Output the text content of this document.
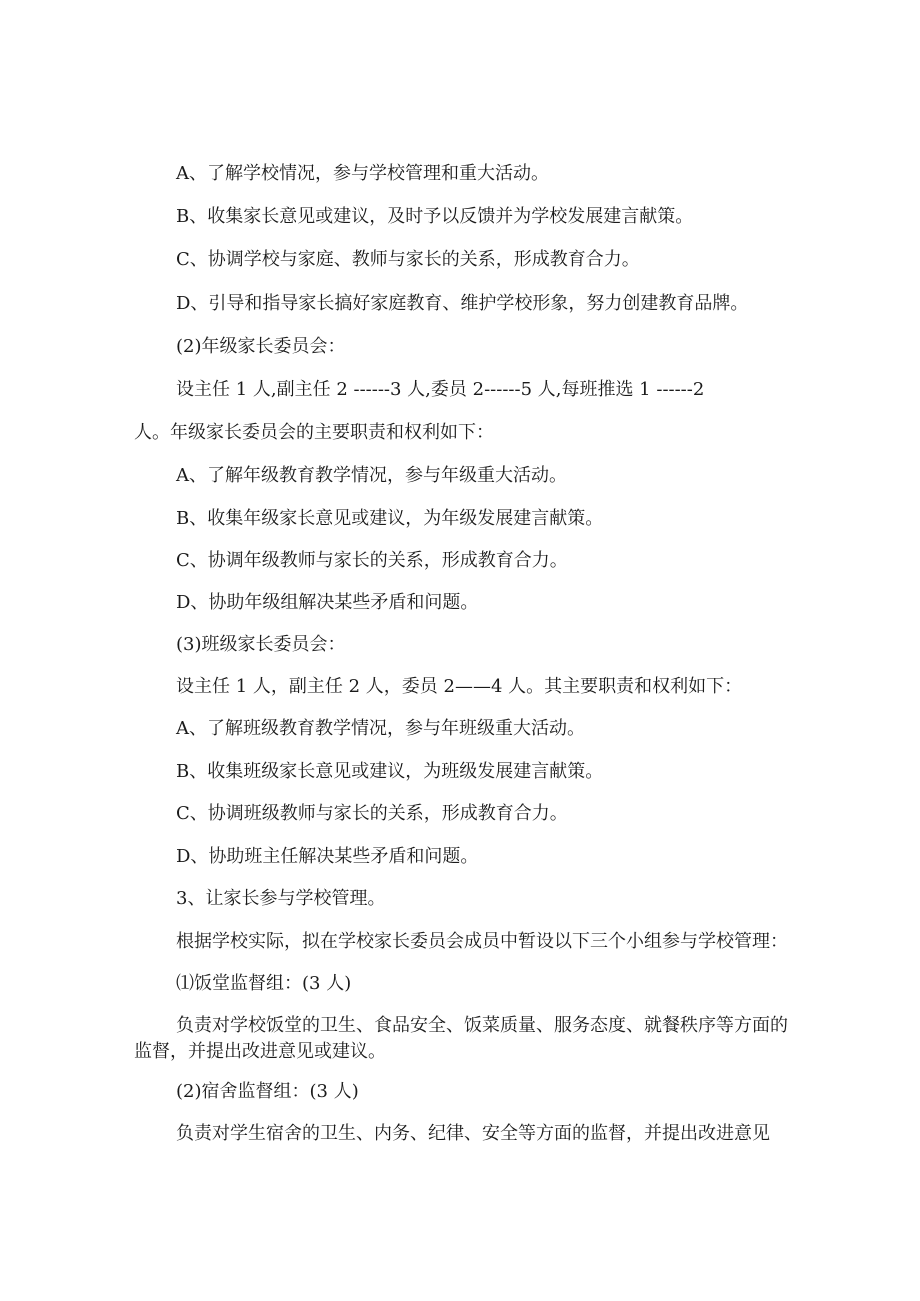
A、了解学校情况，参与学校管理和重大活动。
B、收集家长意见或建议，及时予以反馈并为学校发展建言献策。
C、协调学校与家庭、教师与家长的关系，形成教育合力。
D、引导和指导家长搞好家庭教育、维护学校形象，努力创建教育品牌。
(2)年级家长委员会：
设主任 1 人,副主任 2 ------3 人,委员 2------5 人,每班推选 1 ------2
人。年级家长委员会的主要职责和权利如下：
A、了解年级教育教学情况，参与年级重大活动。
B、收集年级家长意见或建议，为年级发展建言献策。
C、协调年级教师与家长的关系，形成教育合力。
D、协助年级组解决某些矛盾和问题。
(3)班级家长委员会：
设主任 1 人，副主任 2 人，委员 2——4 人。其主要职责和权利如下：
A、了解班级教育教学情况，参与年班级重大活动。
B、收集班级家长意见或建议，为班级发展建言献策。
C、协调班级教师与家长的关系，形成教育合力。
D、协助班主任解决某些矛盾和问题。
3、让家长参与学校管理。
根据学校实际，拟在学校家长委员会成员中暂设以下三个小组参与学校管理：
⑴饭堂监督组：(3 人)
负责对学校饭堂的卫生、食品安全、饭菜质量、服务态度、就餐秩序等方面的监督，并提出改进意见或建议。
(2)宿舍监督组：(3 人)
负责对学生宿舍的卫生、内务、纪律、安全等方面的监督，并提出改进意见
